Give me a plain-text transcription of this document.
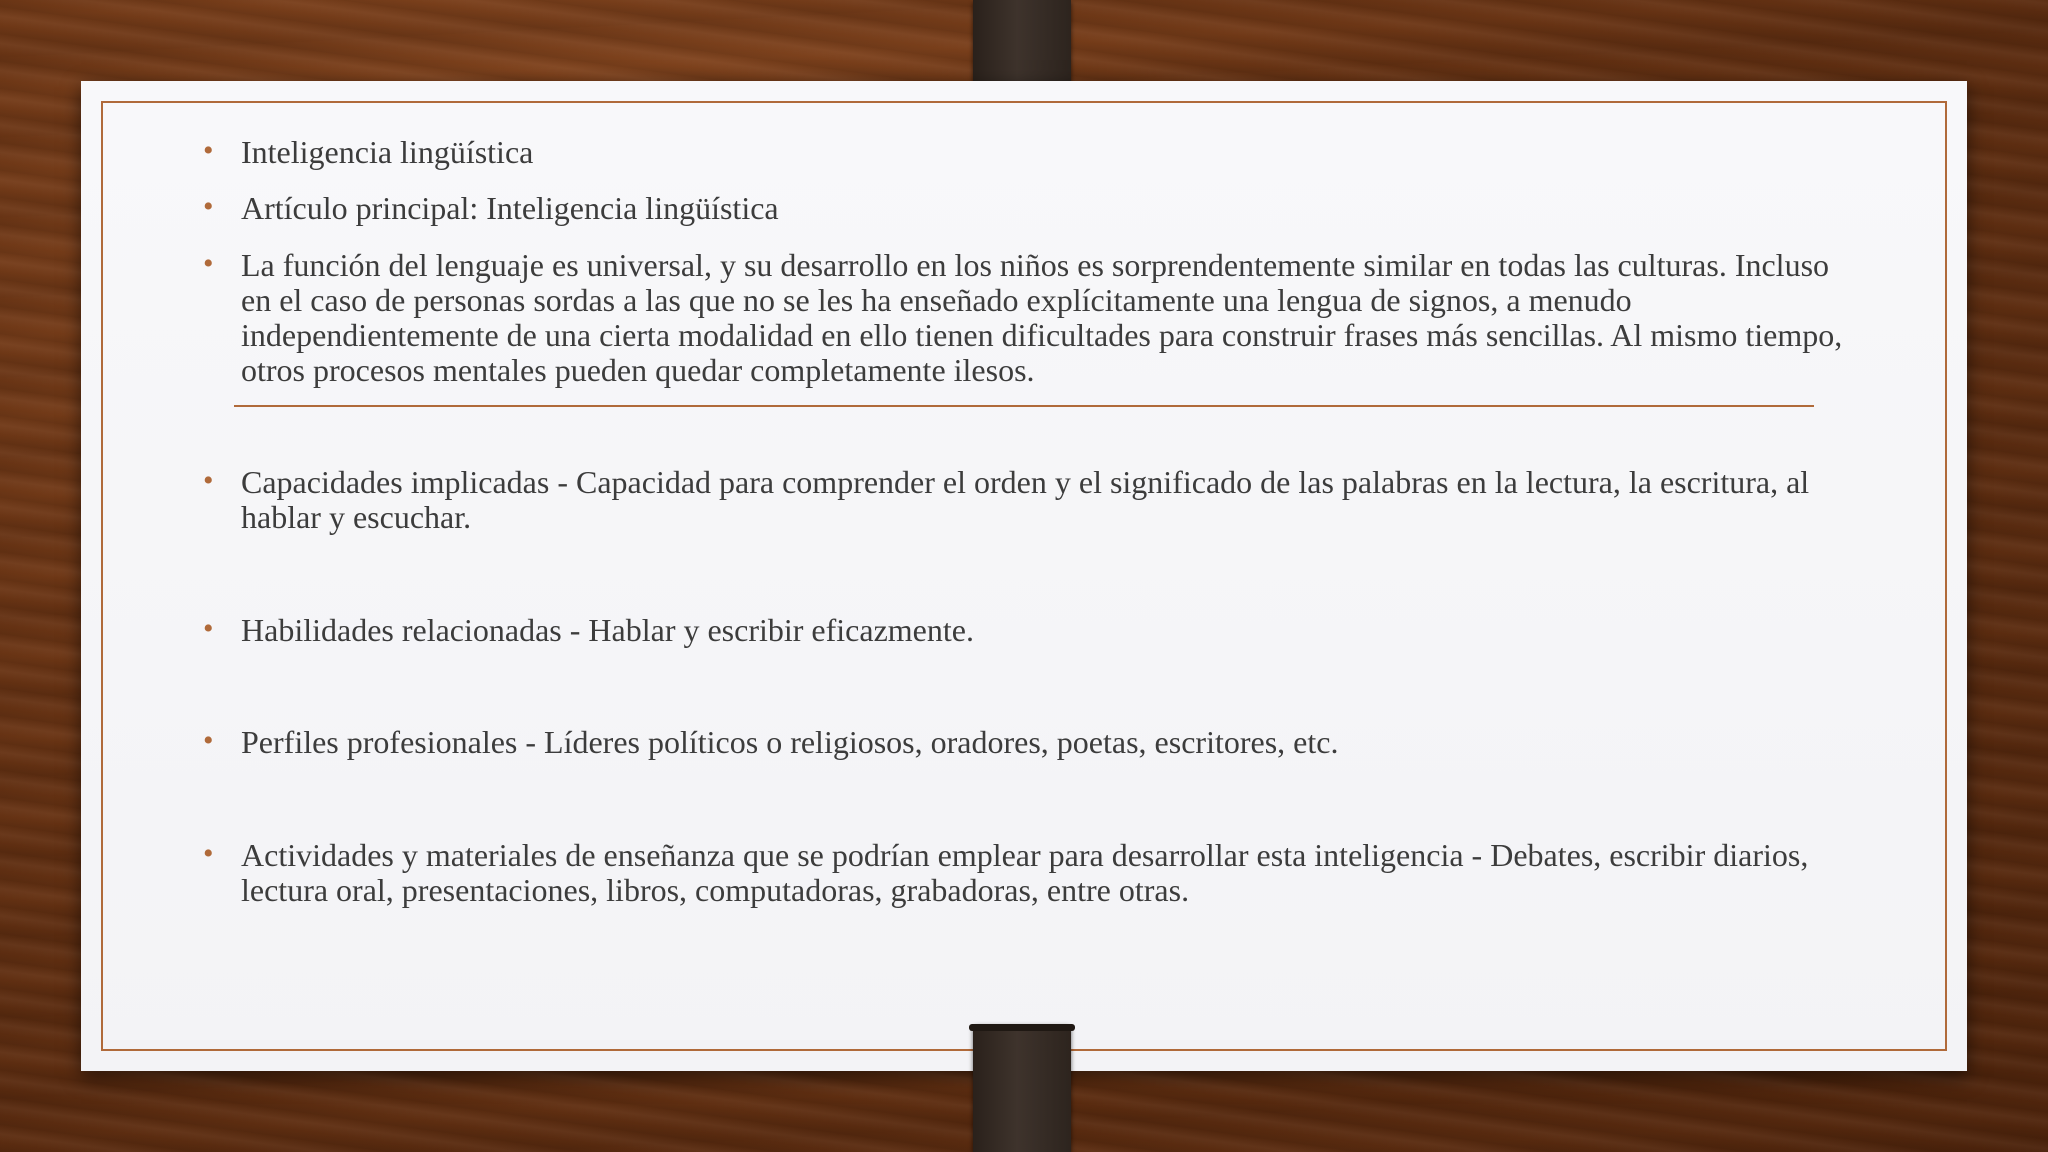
• Inteligencia lingüística
• Artículo principal: Inteligencia lingüística
• La función del lenguaje es universal, y su desarrollo en los niños es sorprendentemente similar en todas las culturas. Incluso en el caso de personas sordas a las que no se les ha enseñado explícitamente una lengua de signos, a menudo independientemente de una cierta modalidad en ello tienen dificultades para construir frases más sencillas. Al mismo tiempo, otros procesos mentales pueden quedar completamente ilesos.
• Capacidades implicadas - Capacidad para comprender el orden y el significado de las palabras en la lectura, la escritura, al hablar y escuchar.
• Habilidades relacionadas - Hablar y escribir eficazmente.
• Perfiles profesionales - Líderes políticos o religiosos, oradores, poetas, escritores, etc.
• Actividades y materiales de enseñanza que se podrían emplear para desarrollar esta inteligencia - Debates, escribir diarios, lectura oral, presentaciones, libros, computadoras, grabadoras, entre otras.
